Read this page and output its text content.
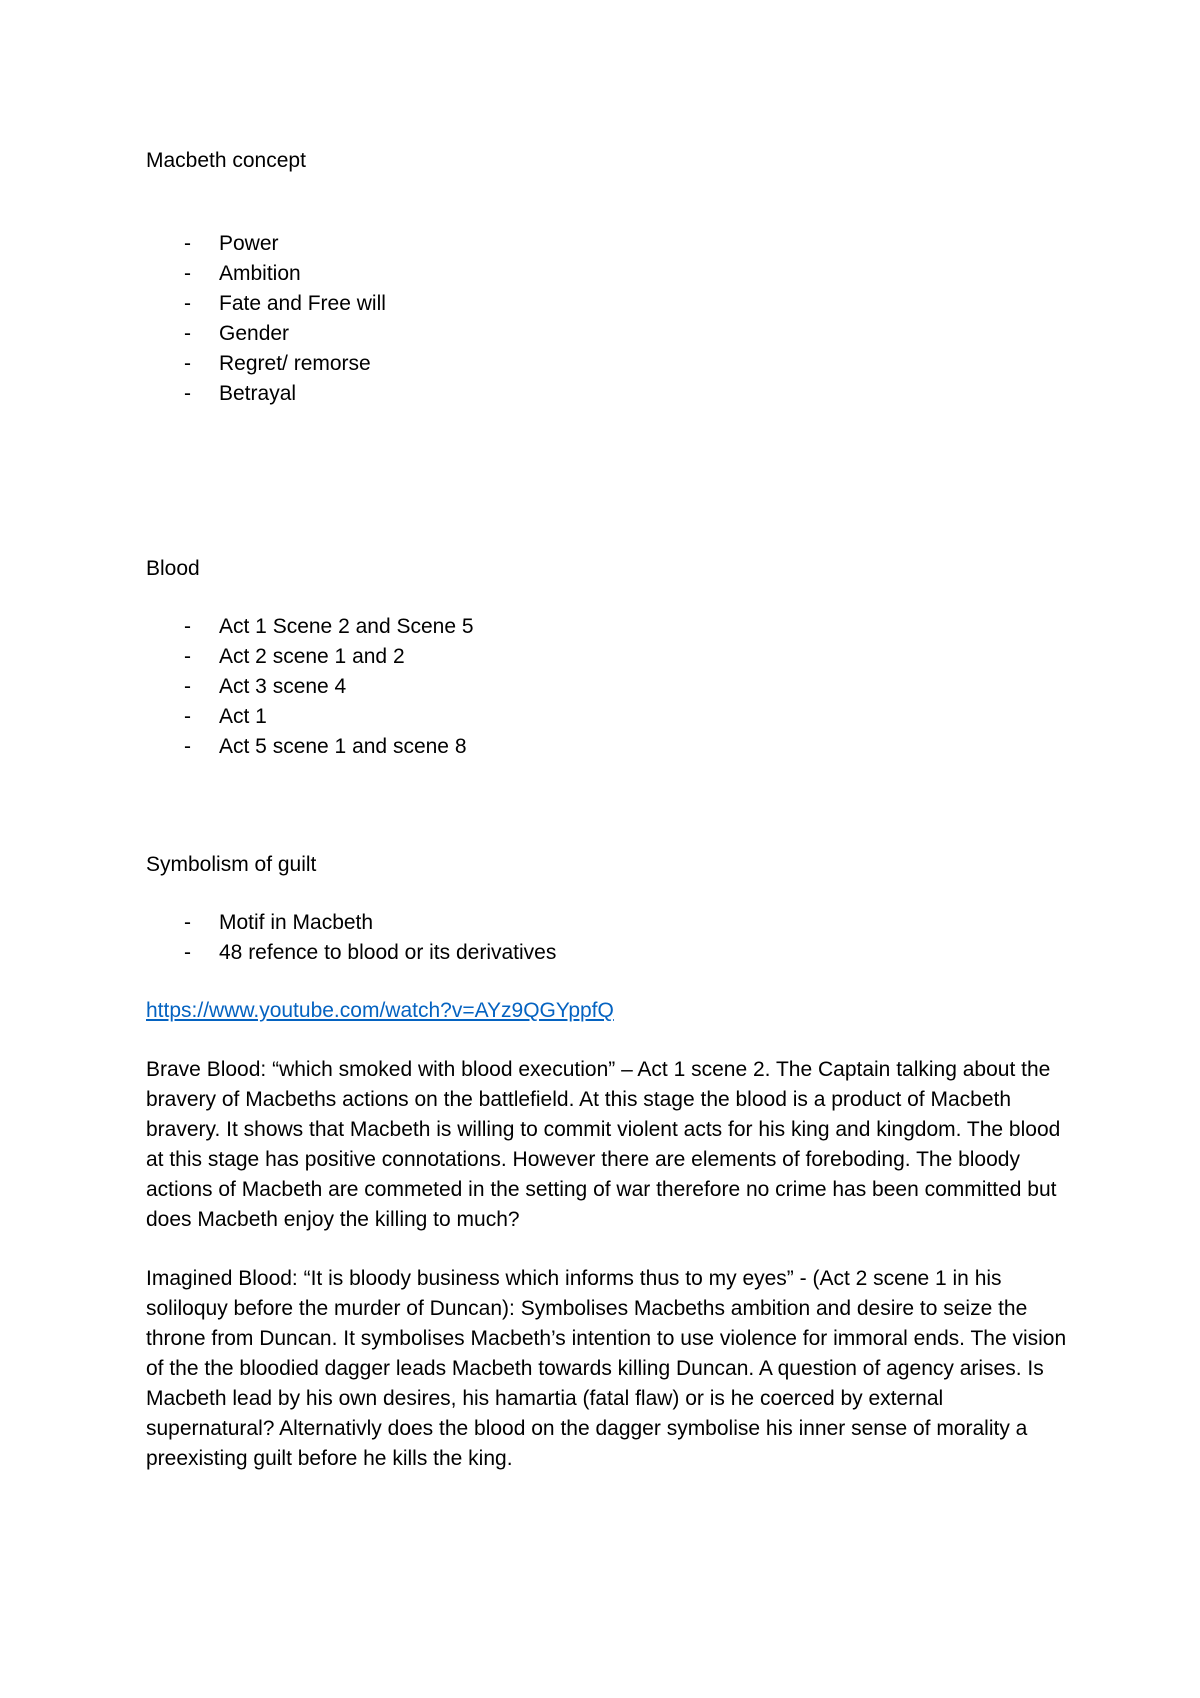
Macbeth concept

- Power
- Ambition
- Fate and Free will
- Gender
- Regret/ remorse
- Betrayal

Blood

- Act 1 Scene 2 and Scene 5
- Act 2 scene 1 and 2
- Act 3 scene 4
- Act 1
- Act 5 scene 1 and scene 8

Symbolism of guilt

- Motif in Macbeth
- 48 refence to blood or its derivatives
https://www.youtube.com/watch?v=AYz9QGYppfQ

Brave Blood: “which smoked with blood execution” – Act 1 scene 2. The Captain talking about the bravery of Macbeths actions on the battlefield. At this stage the blood is a product of Macbeth bravery. It shows that Macbeth is willing to commit violent acts for his king and kingdom. The blood at this stage has positive connotations. However there are elements of foreboding. The bloody actions of Macbeth are commeted in the setting of war therefore no crime has been committed but does Macbeth enjoy the killing to much?

Imagined Blood: “It is bloody business which informs thus to my eyes” - (Act 2 scene 1 in his soliloquy before the murder of Duncan): Symbolises Macbeths ambition and desire to seize the throne from Duncan. It symbolises Macbeth’s intention to use violence for immoral ends. The vision of the the bloodied dagger leads Macbeth towards killing Duncan. A question of agency arises. Is Macbeth lead by his own desires, his hamartia (fatal flaw) or is he coerced by external supernatural? Alternativly does the blood on the dagger symbolise his inner sense of morality a preexisting guilt before he kills the king.
